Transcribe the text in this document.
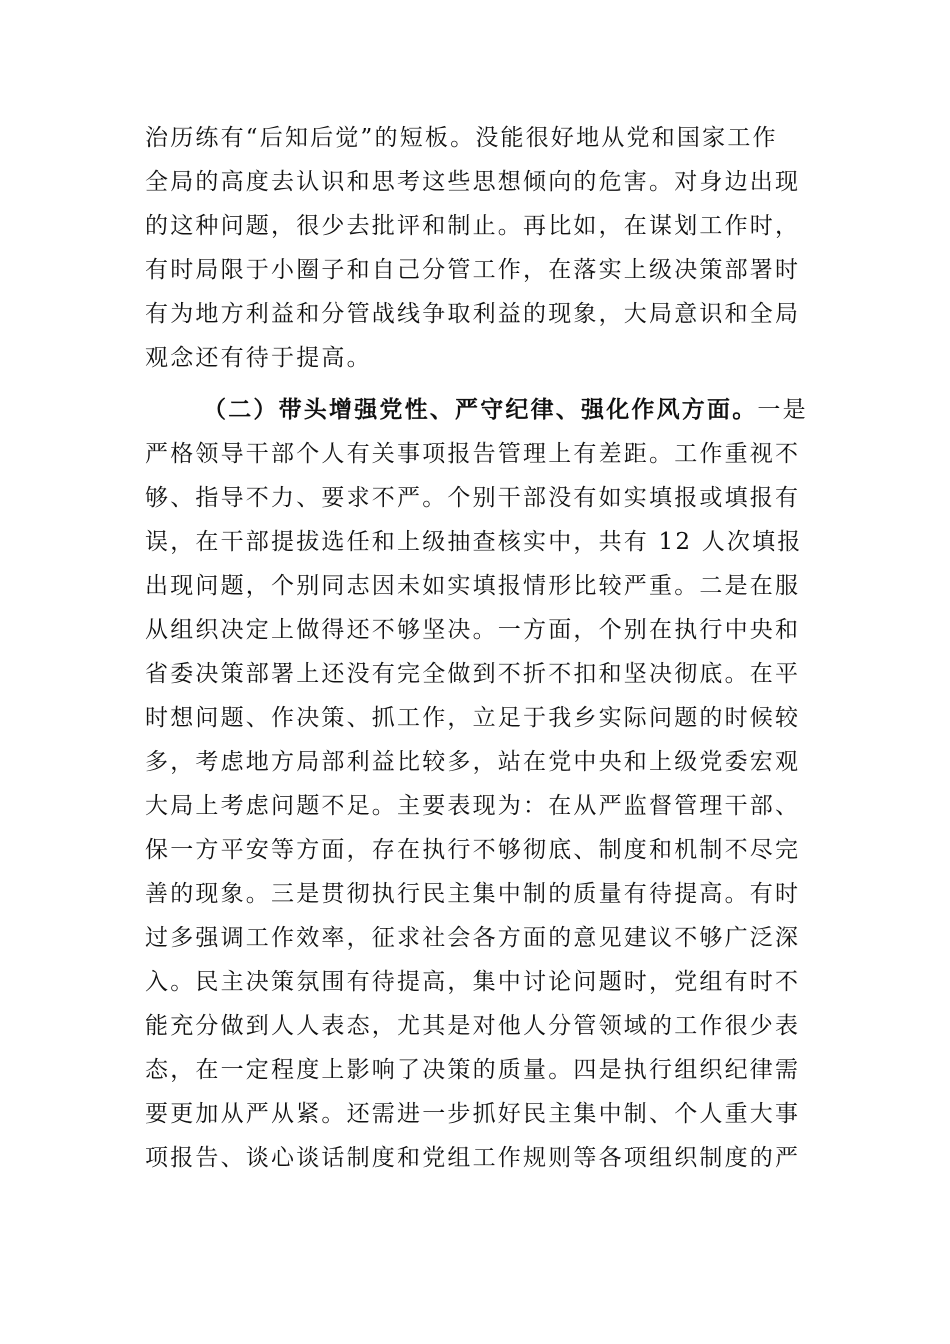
治历练有“后知后觉”的短板。没能很好地从党和国家工作
全局的高度去认识和思考这些思想倾向的危害。对身边出现
的这种问题，很少去批评和制止。再比如，在谋划工作时，
有时局限于小圈子和自己分管工作，在落实上级决策部署时
有为地方利益和分管战线争取利益的现象，大局意识和全局
观念还有待于提高。
（二）带头增强党性、严守纪律、强化作风方面。一是
严格领导干部个人有关事项报告管理上有差距。工作重视不
够、指导不力、要求不严。个别干部没有如实填报或填报有
误，在干部提拔选任和上级抽查核实中，共有 12 人次填报
出现问题，个别同志因未如实填报情形比较严重。二是在服
从组织决定上做得还不够坚决。一方面，个别在执行中央和
省委决策部署上还没有完全做到不折不扣和坚决彻底。在平
时想问题、作决策、抓工作，立足于我乡实际问题的时候较
多，考虑地方局部利益比较多，站在党中央和上级党委宏观
大局上考虑问题不足。主要表现为：在从严监督管理干部、
保一方平安等方面，存在执行不够彻底、制度和机制不尽完
善的现象。三是贯彻执行民主集中制的质量有待提高。有时
过多强调工作效率，征求社会各方面的意见建议不够广泛深
入。民主决策氛围有待提高，集中讨论问题时，党组有时不
能充分做到人人表态，尤其是对他人分管领域的工作很少表
态，在一定程度上影响了决策的质量。四是执行组织纪律需
要更加从严从紧。还需进一步抓好民主集中制、个人重大事
项报告、谈心谈话制度和党组工作规则等各项组织制度的严
